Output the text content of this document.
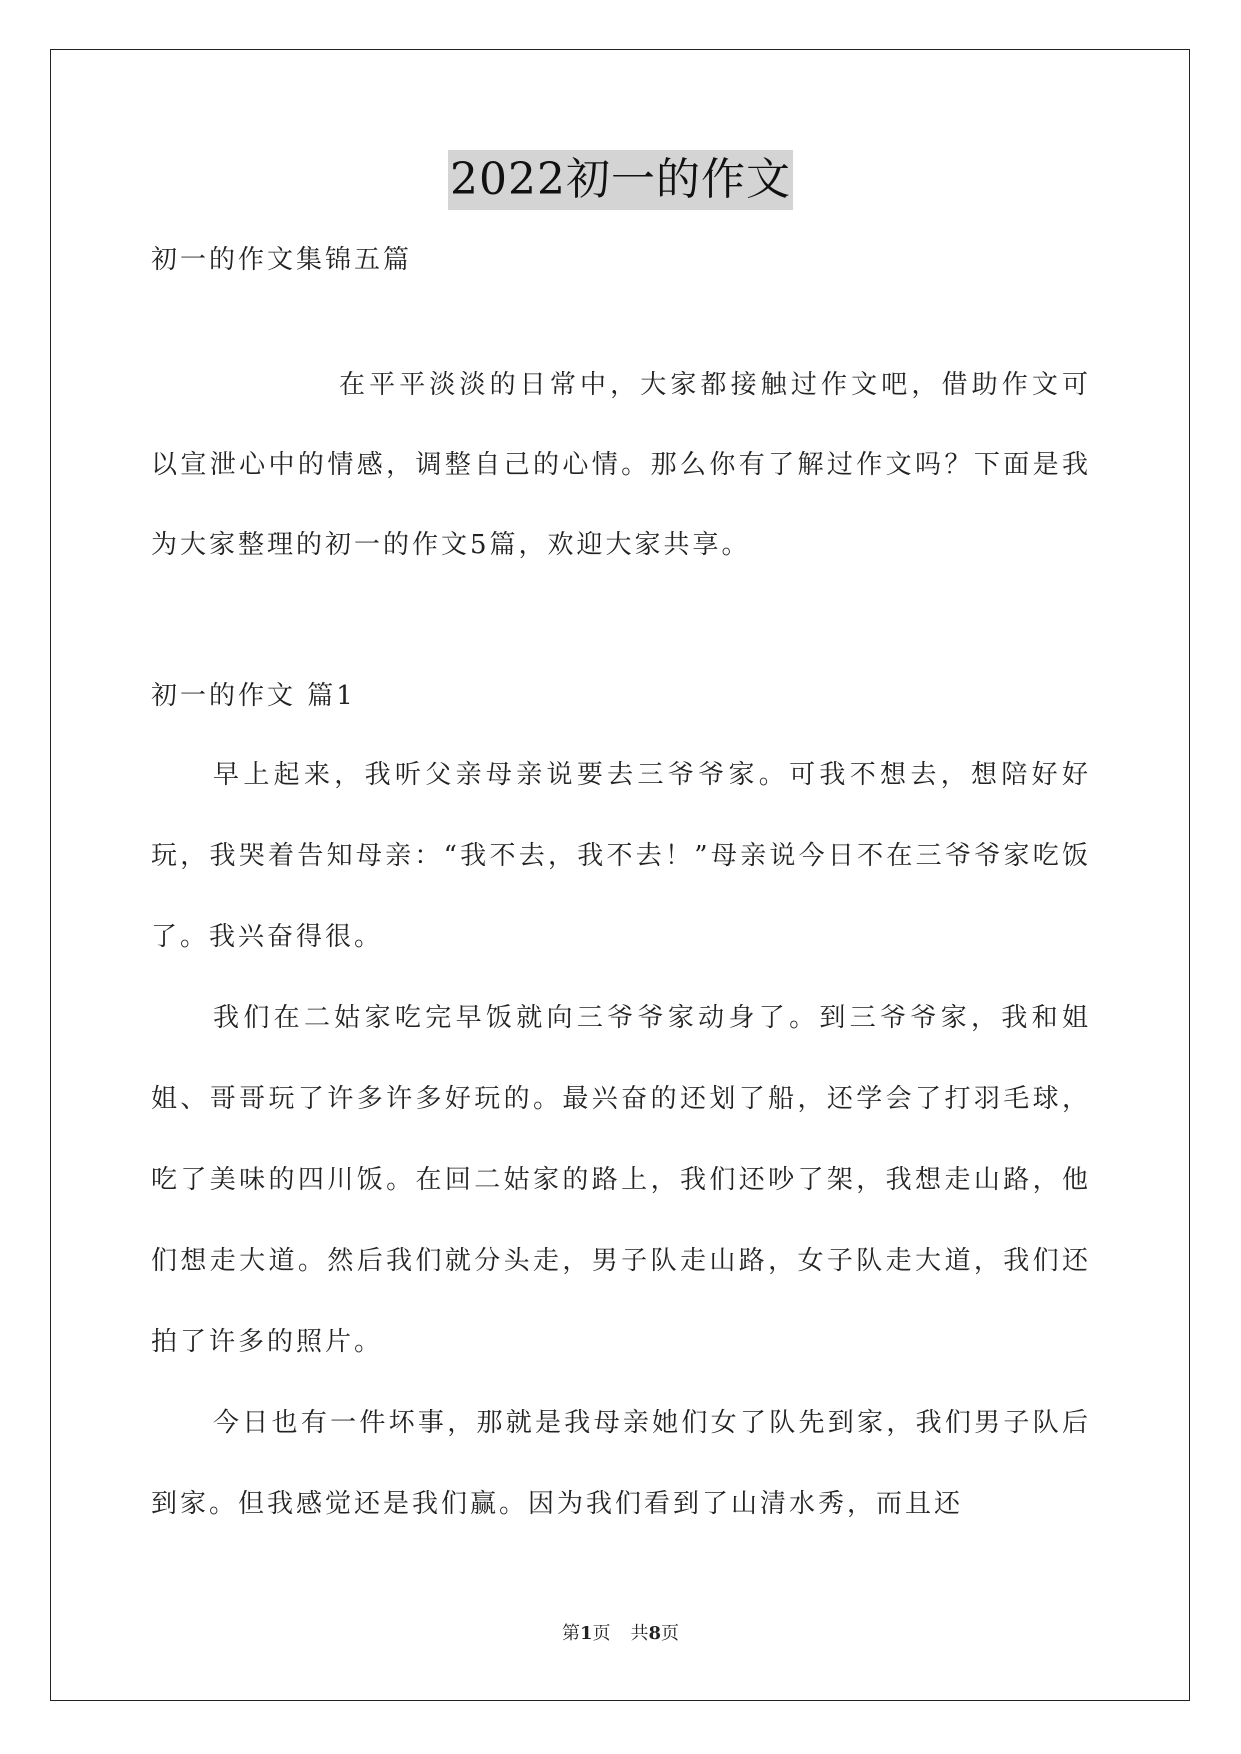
2022初一的作文
初一的作文集锦五篇
在平平淡淡的日常中，大家都接触过作文吧，借助作文可以宣泄心中的情感，调整自己的心情。那么你有了解过作文吗？下面是我为大家整理的初一的作文5篇，欢迎大家共享。
初一的作文 篇1

早上起来，我听父亲母亲说要去三爷爷家。可我不想去，想陪好好玩，我哭着告知母亲：“我不去，我不去！”母亲说今日不在三爷爷家吃饭了。我兴奋得很。

我们在二姑家吃完早饭就向三爷爷家动身了。到三爷爷家，我和姐姐、哥哥玩了许多许多好玩的。最兴奋的还划了船，还学会了打羽毛球，吃了美味的四川饭。在回二姑家的路上，我们还吵了架，我想走山路，他们想走大道。然后我们就分头走，男子队走山路，女子队走大道，我们还拍了许多的照片。

今日也有一件坏事，那就是我母亲她们女了队先到家，我们男子队后到家。但我感觉还是我们赢。因为我们看到了山清水秀，而且还

第1页 共8页
